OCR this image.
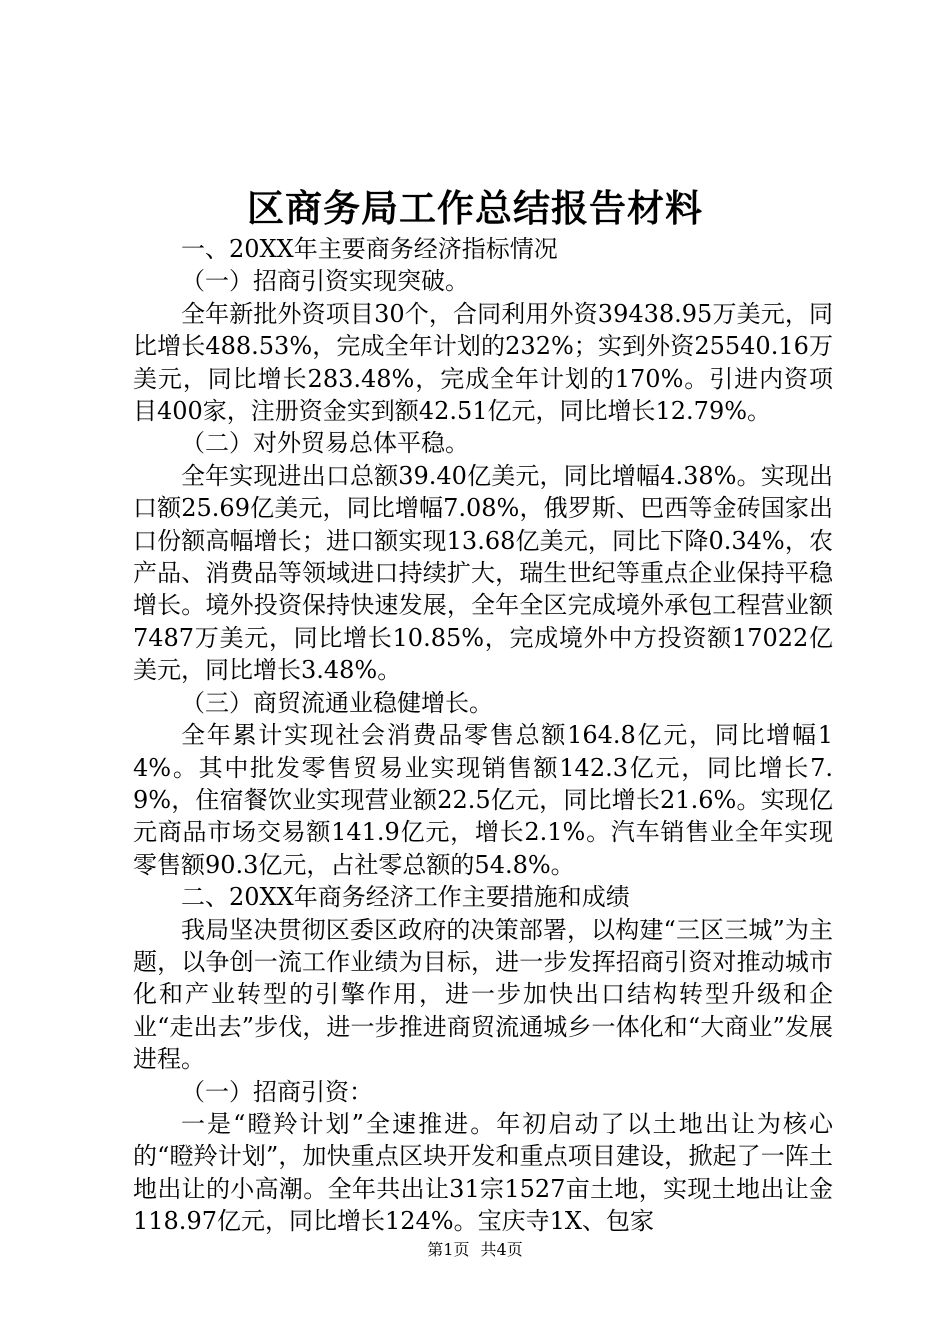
区商务局工作总结报告材料

一、20XX年主要商务经济指标情况

（一）招商引资实现突破。

全年新批外资项目30个，合同利用外资39438.95万美元，同比增长488.53%，完成全年计划的232%；实到外资25540.16万美元，同比增长283.48%，完成全年计划的170%。引进内资项目400家，注册资金实到额42.51亿元，同比增长12.79%。

（二）对外贸易总体平稳。

全年实现进出口总额39.40亿美元，同比增幅4.38%。实现出口额25.69亿美元，同比增幅7.08%，俄罗斯、巴西等金砖国家出口份额高幅增长；进口额实现13.68亿美元，同比下降0.34%，农产品、消费品等领域进口持续扩大，瑞生世纪等重点企业保持平稳增长。境外投资保持快速发展，全年全区完成境外承包工程营业额7487万美元，同比增长10.85%，完成境外中方投资额17022亿美元，同比增长3.48%。

（三）商贸流通业稳健增长。

全年累计实现社会消费品零售总额164.8亿元，同比增幅14%。其中批发零售贸易业实现销售额142.3亿元，同比增长7.9%，住宿餐饮业实现营业额22.5亿元，同比增长21.6%。实现亿元商品市场交易额141.9亿元，增长2.1%。汽车销售业全年实现零售额90.3亿元，占社零总额的54.8%。

二、20XX年商务经济工作主要措施和成绩

我局坚决贯彻区委区政府的决策部署，以构建“三区三城”为主题，以争创一流工作业绩为目标，进一步发挥招商引资对推动城市化和产业转型的引擎作用，进一步加快出口结构转型升级和企业“走出去”步伐，进一步推进商贸流通城乡一体化和“大商业”发展进程。

（一）招商引资：

一是“瞪羚计划”全速推进。年初启动了以土地出让为核心的“瞪羚计划”，加快重点区块开发和重点项目建设，掀起了一阵土地出让的小高潮。全年共出让31宗1527亩土地，实现土地出让金118.97亿元，同比增长124%。宝庆寺1X、包家

第1页 共4页
